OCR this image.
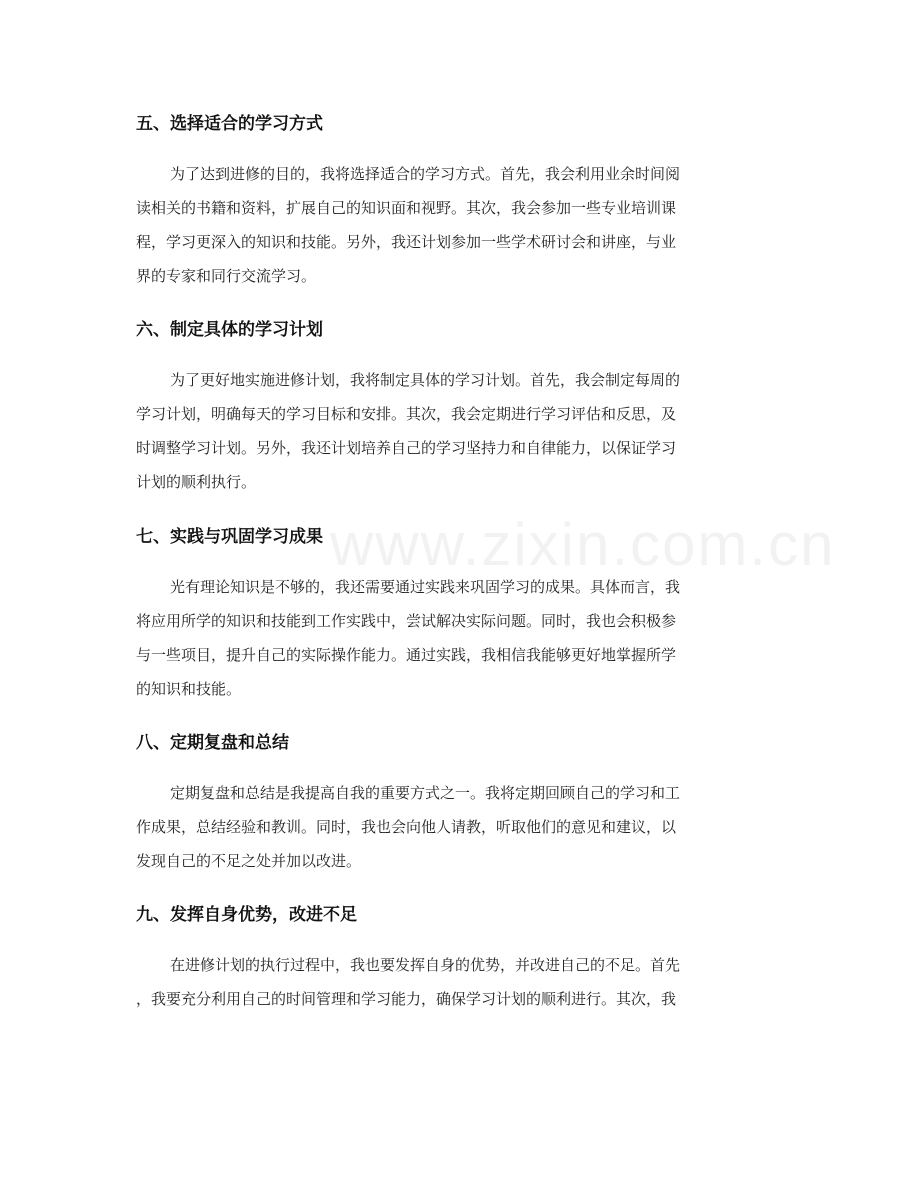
www.zixin.com.cn
五、选择适合的学习方式
为了达到进修的目的，我将选择适合的学习方式。首先，我会利用业余时间阅
读相关的书籍和资料，扩展自己的知识面和视野。其次，我会参加一些专业培训课
程，学习更深入的知识和技能。另外，我还计划参加一些学术研讨会和讲座，与业
界的专家和同行交流学习。
六、制定具体的学习计划
为了更好地实施进修计划，我将制定具体的学习计划。首先，我会制定每周的
学习计划，明确每天的学习目标和安排。其次，我会定期进行学习评估和反思，及
时调整学习计划。另外，我还计划培养自己的学习坚持力和自律能力，以保证学习
计划的顺利执行。
七、实践与巩固学习成果
光有理论知识是不够的，我还需要通过实践来巩固学习的成果。具体而言，我
将应用所学的知识和技能到工作实践中，尝试解决实际问题。同时，我也会积极参
与一些项目，提升自己的实际操作能力。通过实践，我相信我能够更好地掌握所学
的知识和技能。
八、定期复盘和总结
定期复盘和总结是我提高自我的重要方式之一。我将定期回顾自己的学习和工
作成果，总结经验和教训。同时，我也会向他人请教，听取他们的意见和建议，以
发现自己的不足之处并加以改进。
九、发挥自身优势，改进不足
在进修计划的执行过程中，我也要发挥自身的优势，并改进自己的不足。首先
，我要充分利用自己的时间管理和学习能力，确保学习计划的顺利进行。其次，我
